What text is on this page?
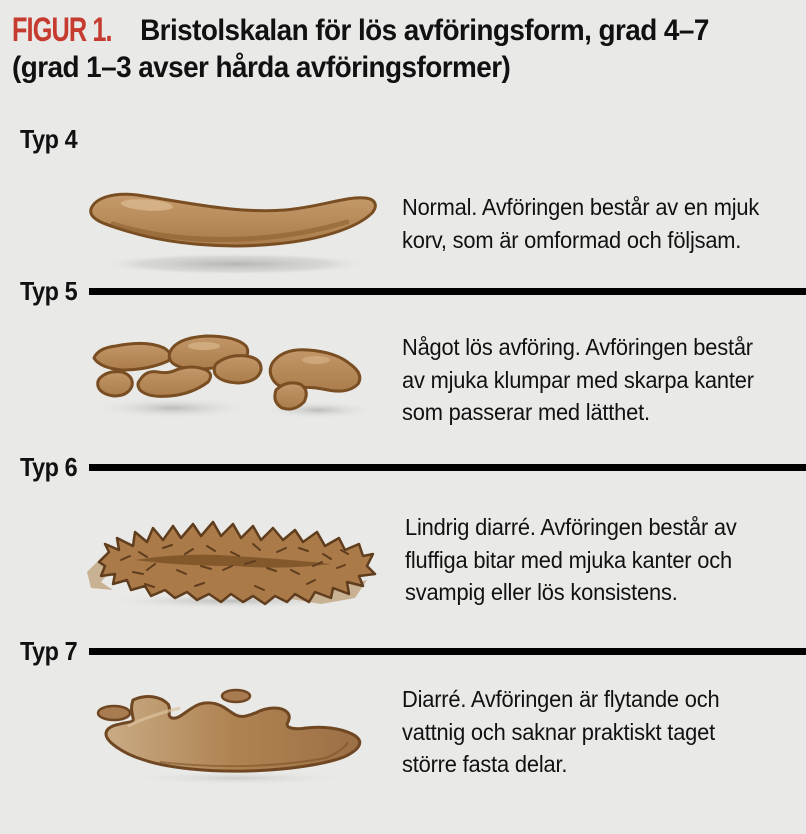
FIGUR 1. Bristolskalan för lös avföringsform, grad 4–7
(grad 1–3 avser hårda avföringsformer)
Typ 4
Normal. Avföringen består av en mjuk
korv, som är omformad och följsam.
Typ 5
Något lös avföring. Avföringen består
av mjuka klumpar med skarpa kanter
som passerar med lätthet.
Typ 6
Lindrig diarré. Avföringen består av
fluffiga bitar med mjuka kanter och
svampig eller lös konsistens.
Typ 7
Diarré. Avföringen är flytande och
vattnig och saknar praktiskt taget
större fasta delar.
